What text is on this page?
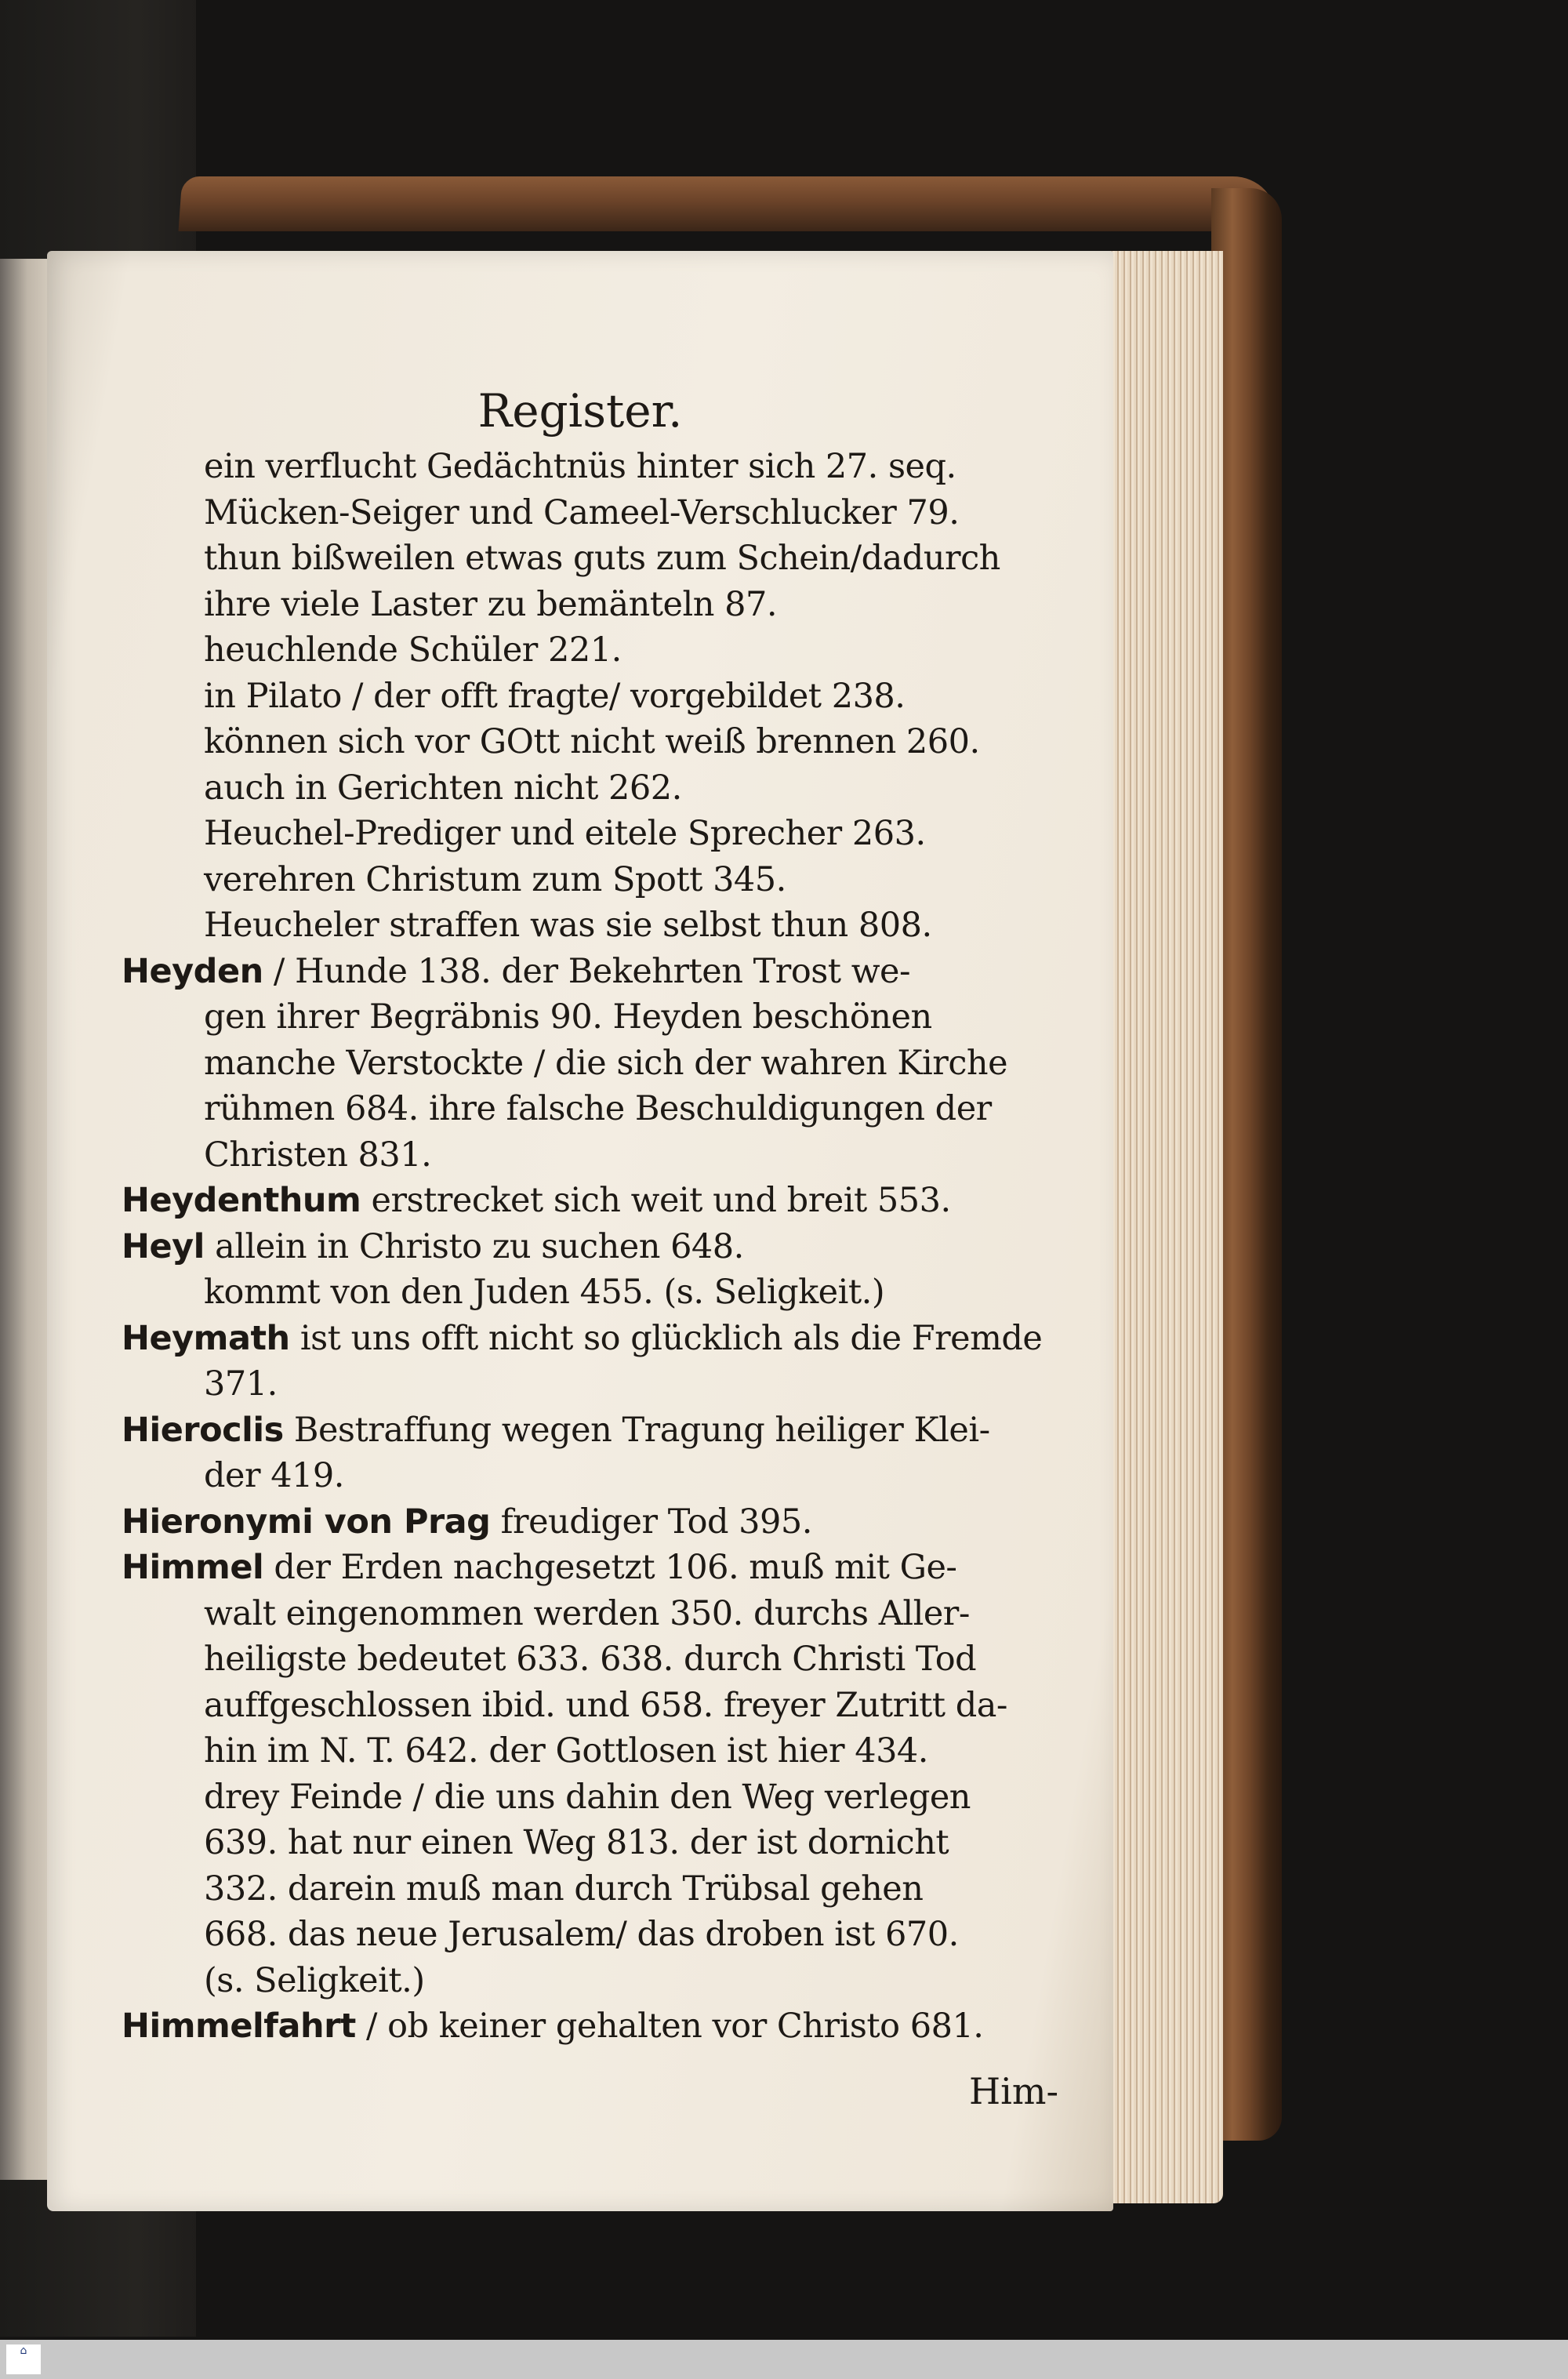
Register.
ein verflucht Gedächtnüs hinter sich 27. seq.
Mücken-Seiger und Cameel-Verschlucker 79.
thun bißweilen etwas guts zum Schein/dadurch
ihre viele Laster zu bemänteln 87.
heuchlende Schüler 221.
in Pilato / der offt fragte/ vorgebildet 238.
können sich vor GOtt nicht weiß brennen 260.
auch in Gerichten nicht 262.
Heuchel-Prediger und eitele Sprecher 263.
verehren Christum zum Spott 345.
Heucheler straffen was sie selbst thun 808.
Heyden / Hunde 138. der Bekehrten Trost we-
gen ihrer Begräbnis 90. Heyden beschönen
manche Verstockte / die sich der wahren Kirche
rühmen 684. ihre falsche Beschuldigungen der
Christen 831.
Heydenthum erstrecket sich weit und breit 553.
Heyl allein in Christo zu suchen 648.
kommt von den Juden 455. (s. Seligkeit.)
Heymath ist uns offt nicht so glücklich als die Fremde
371.
Hieroclis Bestraffung wegen Tragung heiliger Klei-
der 419.
Hieronymi von Prag freudiger Tod 395.
Himmel der Erden nachgesetzt 106. muß mit Ge-
walt eingenommen werden 350. durchs Aller-
heiligste bedeutet 633. 638. durch Christi Tod
auffgeschlossen ibid. und 658. freyer Zutritt da-
hin im N. T. 642. der Gottlosen ist hier 434.
drey Feinde / die uns dahin den Weg verlegen
639. hat nur einen Weg 813. der ist dornicht
332. darein muß man durch Trübsal gehen
668. das neue Jerusalem/ das droben ist 670.
(s. Seligkeit.)
Himmelfahrt / ob keiner gehalten vor Christo 681.
Him-
⌂
